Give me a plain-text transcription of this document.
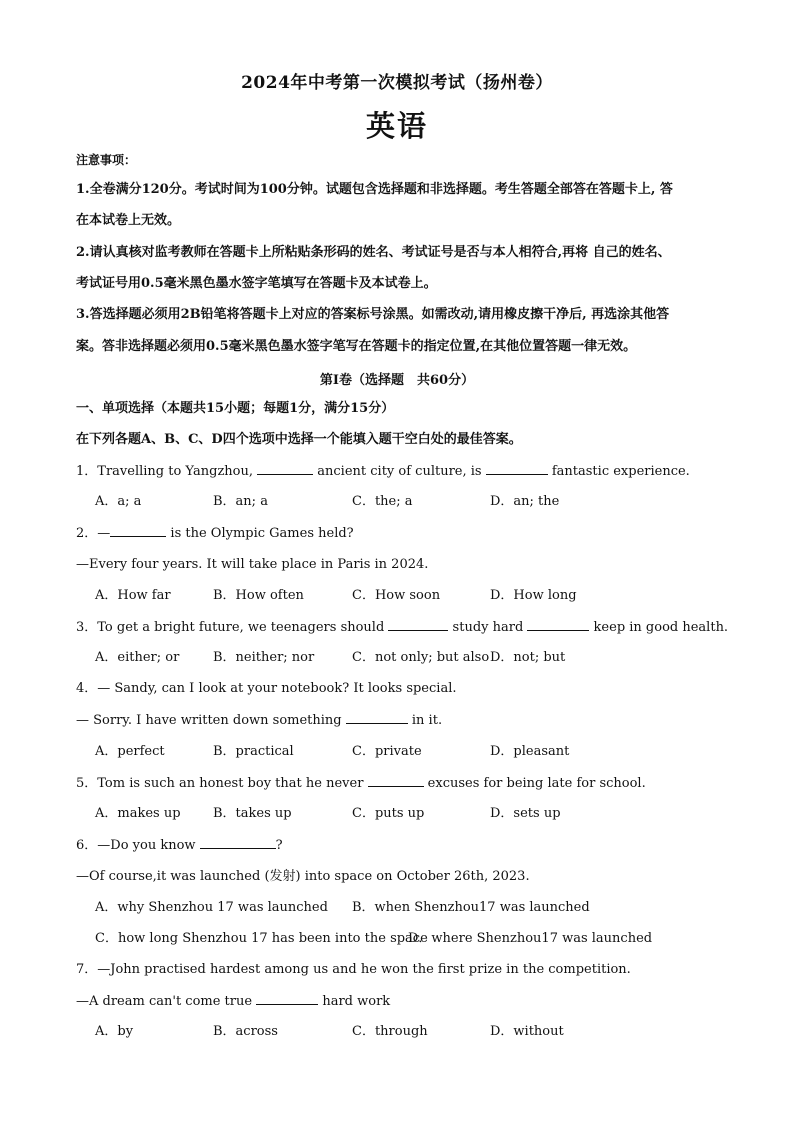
2024年中考第一次模拟考试（扬州卷）
英语
注意事项：
1.全卷满分120分。考试时间为100分钟。试题包含选择题和非选择题。考生答题全部答在答题卡上, 答
在本试卷上无效。
2.请认真核对监考教师在答题卡上所粘贴条形码的姓名、考试证号是否与本人相符合,再将 自己的姓名、
考试证号用0.5毫米黑色墨水签字笔填写在答题卡及本试卷上。
3.答选择题必须用2B铅笔将答题卡上对应的答案标号涂黑。如需改动,请用橡皮擦干净后, 再选涂其他答
案。答非选择题必须用0.5毫米黑色墨水签字笔写在答题卡的指定位置,在其他位置答题一律无效。
第I卷（选择题　共60分）
一、单项选择（本题共15小题；每题1分，满分15分）
在下列各题A、B、C、D四个选项中选择一个能填入题干空白处的最佳答案。
1．Travelling to Yangzhou,	ancient city of culture, is	fantastic experience.
A．a; a	B．an; a	C．the; a	D．an; the
2．—	is the Olympic Games held?
—Every four years. It will take place in Paris in 2024.
A．How far	B．How often	C．How soon	D．How long
3．To get a bright future, we teenagers should	study hard	keep in good health.
A．either; or	B．neither; nor	C．not only; but also D．not; but
4．— Sandy, can I look at your notebook? It looks special.
— Sorry. I have written down something	in it.
A．perfect	B．practical	C．private	D．pleasant
5．Tom is such an honest boy that he never	excuses for being late for school.
A．makes up B．takes up	C．puts up	D．sets up
6．—Do you know	?
—Of course,it was launched (发射) into space on October 26th, 2023.
A．why Shenzhou 17 was launched B．when Shenzhou17 was launched
C．how long Shenzhou 17 has been into the space
D．where Shenzhou17 was launched
7．—John practised hardest among us and he won the first prize in the competition.
—A dream can't come true	hard work
A．by	B．across	C．through	D．without
